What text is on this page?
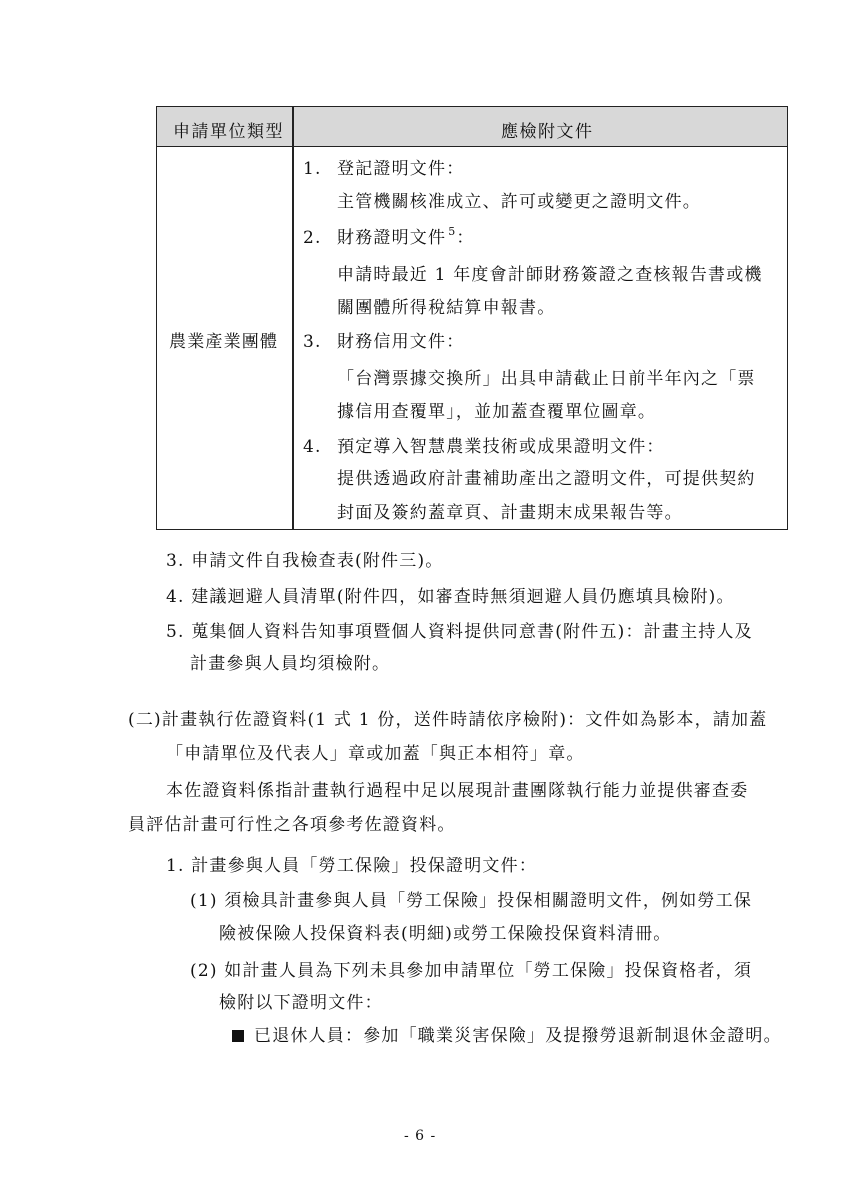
申請單位類型	應檢附文件
農業產業團體
1. 登記證明文件：
主管機關核准成立、許可或變更之證明文件。
2. 財務證明文件 $^5$：
申請時最近 1 年度會計師財務簽證之查核報告書或機
關團體所得稅結算申報書。
3. 財務信用文件：
「台灣票據交換所」出具申請截止日前半年內之「票
據信用查覆單」，並加蓋查覆單位圖章。
4. 預定導入智慧農業技術或成果證明文件：
提供透過政府計畫補助產出之證明文件，可提供契約
封面及簽約蓋章頁、計畫期末成果報告等。
3. 申請文件自我檢查表(附件三)。
4. 建議迴避人員清單(附件四，如審查時無須迴避人員仍應填具檢附)。
5. 蒐集個人資料告知事項暨個人資料提供同意書(附件五)：計畫主持人及
計畫參與人員均須檢附。
(二)計畫執行佐證資料(1 式 1 份，送件時請依序檢附)：文件如為影本，請加蓋
「申請單位及代表人」章或加蓋「與正本相符」章。
本佐證資料係指計畫執行過程中足以展現計畫團隊執行能力並提供審查委
員評估計畫可行性之各項參考佐證資料。
1. 計畫參與人員「勞工保險」投保證明文件：
(1) 須檢具計畫參與人員「勞工保險」投保相關證明文件，例如勞工保
險被保險人投保資料表(明細)或勞工保險投保資料清冊。
(2) 如計畫人員為下列未具參加申請單位「勞工保險」投保資格者，須
檢附以下證明文件：
已退休人員：參加「職業災害保險」及提撥勞退新制退休金證明。
- 6 -
